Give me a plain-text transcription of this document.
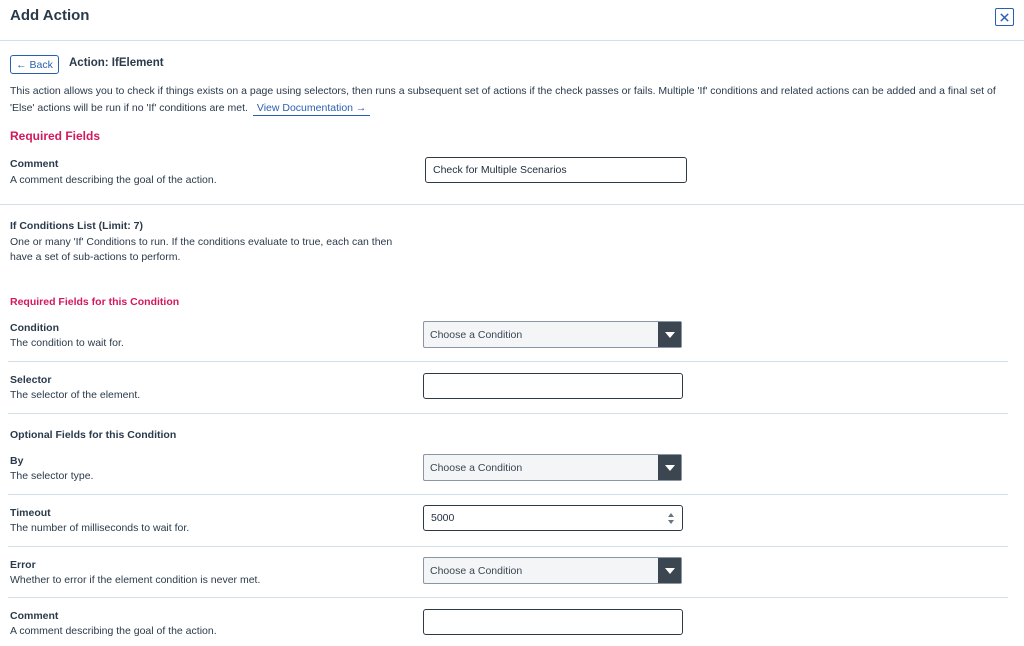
Add Action
← Back Action: IfElement
This action allows you to check if things exists on a page using selectors, then runs a subsequent set of actions if the check passes or fails. Multiple 'If' conditions and related actions can be added and a final set of 'Else' actions will be run if no 'If' conditions are met. View Documentation →
Required Fields
Comment
A comment describing the goal of the action.
Check for Multiple Scenarios
If Conditions List (Limit: 7)
One or many 'If' Conditions to run. If the conditions evaluate to true, each can then have a set of sub-actions to perform.
Required Fields for this Condition
Condition
The condition to wait for.
Choose a Condition
Selector
The selector of the element.
Optional Fields for this Condition
By
The selector type.
Choose a Condition
Timeout
The number of milliseconds to wait for.
5000
Error
Whether to error if the element condition is never met.
Choose a Condition
Comment
A comment describing the goal of the action.
